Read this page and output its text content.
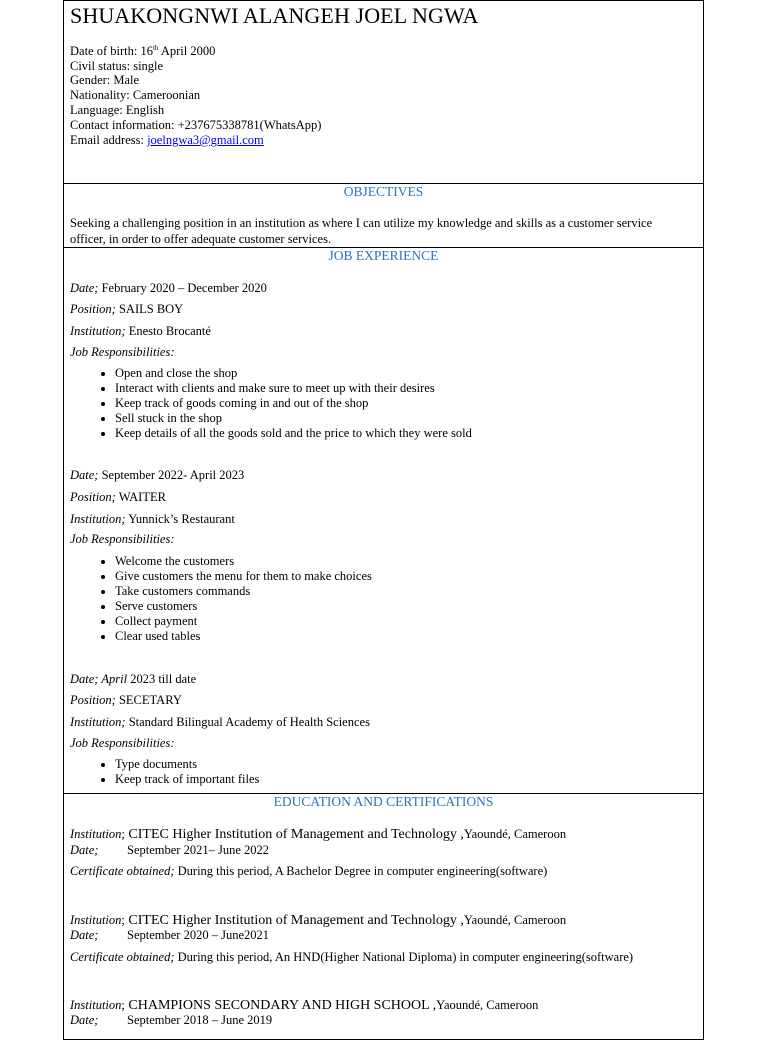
SHUAKONGNWI ALANGEH JOEL NGWA
Date of birth: 16th April 2000
Civil status: single
Gender: Male
Nationality: Cameroonian
Language: English
Contact information: +237675338781(WhatsApp)
Email address: joelngwa3@gmail.com
OBJECTIVES
Seeking a challenging position in an institution as where I can utilize my knowledge and skills as a customer service
officer, in order to offer adequate customer services.
JOB EXPERIENCE
Date; February 2020 – December 2020
Position; SAILS BOY
Institution; Enesto Brocanté
Job Responsibilities:
• Open and close the shop
• Interact with clients and make sure to meet up with their desires
• Keep track of goods coming in and out of the shop
• Sell stuck in the shop
• Keep details of all the goods sold and the price to which they were sold
Date; September 2022- April 2023
Position; WAITER
Institution; Yunnick’s Restaurant
Job Responsibilities:
• Welcome the customers
• Give customers the menu for them to make choices
• Take customers commands
• Serve customers
• Collect payment
• Clear used tables
Date; April 2023 till date
Position; SECETARY
Institution; Standard Bilingual Academy of Health Sciences
Job Responsibilities:
• Type documents
• Keep track of important files
EDUCATION AND CERTIFICATIONS
Institution; CITEC Higher Institution of Management and Technology ,Yaoundé, Cameroon
Date; September 2021– June 2022
Certificate obtained; During this period, A Bachelor Degree in computer engineering(software)
Institution; CITEC Higher Institution of Management and Technology ,Yaoundé, Cameroon
Date; September 2020 – June2021
Certificate obtained; During this period, An HND(Higher National Diploma) in computer engineering(software)
Institution; CHAMPIONS SECONDARY AND HIGH SCHOOL ,Yaoundé, Cameroon
Date; September 2018 – June 2019
